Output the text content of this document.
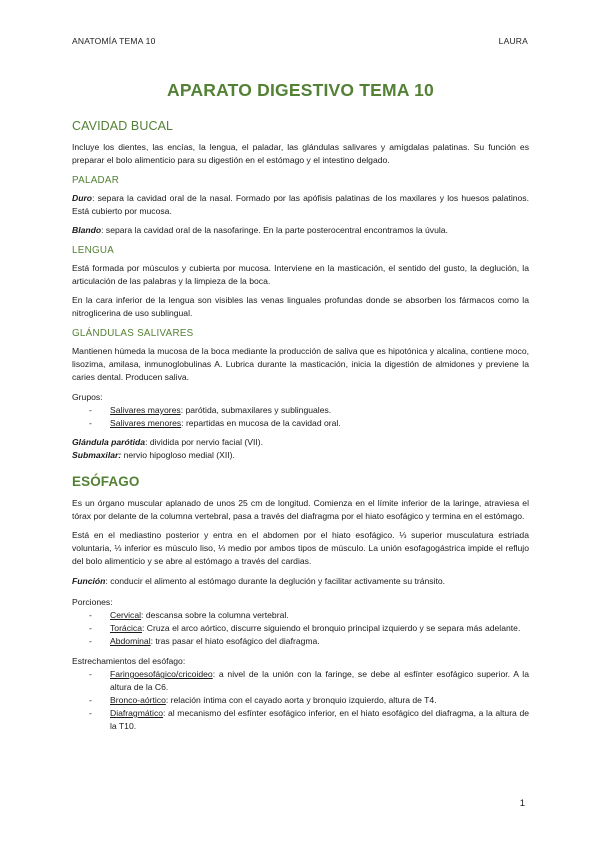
ANATOMÍA TEMA 10	LAURA
APARATO DIGESTIVO TEMA 10
CAVIDAD BUCAL

Incluye los dientes, las encías, la lengua, el paladar, las glándulas salivares y amígdalas palatinas. Su función es preparar el bolo alimenticio para su digestión en el estómago y el intestino delgado.

PALADAR

Duro: separa la cavidad oral de la nasal. Formado por las apófisis palatinas de los maxilares y los huesos palatinos. Está cubierto por mucosa.

Blando: separa la cavidad oral de la nasofaringe. En la parte posterocentral encontramos la úvula.

LENGUA

Está formada por músculos y cubierta por mucosa. Interviene en la masticación, el sentido del gusto, la deglución, la articulación de las palabras y la limpieza de la boca.

En la cara inferior de la lengua son visibles las venas linguales profundas donde se absorben los fármacos como la nitroglicerina de uso sublingual.

GLÁNDULAS SALIVARES

Mantienen húmeda la mucosa de la boca mediante la producción de saliva que es hipotónica y alcalina, contiene moco, lisozima, amilasa, inmunoglobulinas A. Lubrica durante la masticación, inicia la digestión de almidones y previene la caries dental. Producen saliva.

Grupos:

- Salivares mayores: parótida, submaxilares y sublinguales.
- Salivares menores: repartidas en mucosa de la cavidad oral.

Glándula parótida: dividida por nervio facial (VII).

Submaxilar: nervio hipogloso medial (XII).

ESÓFAGO

Es un órgano muscular aplanado de unos 25 cm de longitud. Comienza en el límite inferior de la laringe, atraviesa el tórax por delante de la columna vertebral, pasa a través del diafragma por el hiato esofágico y termina en el estómago.

Está en el mediastino posterior y entra en el abdomen por el hiato esofágico. ⅓ superior musculatura estriada voluntaria, ⅓ inferior es músculo liso, ⅓ medio por ambos tipos de músculo. La unión esofagogástrica impide el reflujo del bolo alimenticio y se abre al estómago a través del cardias.

Función: conducir el alimento al estómago durante la deglución y facilitar activamente su tránsito.

Porciones:

- Cervical: descansa sobre la columna vertebral.
- Torácica: Cruza el arco aórtico, discurre siguiendo el bronquio principal izquierdo y se separa más adelante.
- Abdominal: tras pasar el hiato esofágico del diafragma.

Estrechamientos del esófago:

- Faringoesofágico/cricoideo: a nivel de la unión con la faringe, se debe al esfínter esofágico superior. A la altura de la C6.
- Bronco-aórtico: relación íntima con el cayado aorta y bronquio izquierdo, altura de T4.
- Diafragmático: al mecanismo del esfínter esofágico inferior, en el hiato esofágico del diafragma, a la altura de la T10.
1
